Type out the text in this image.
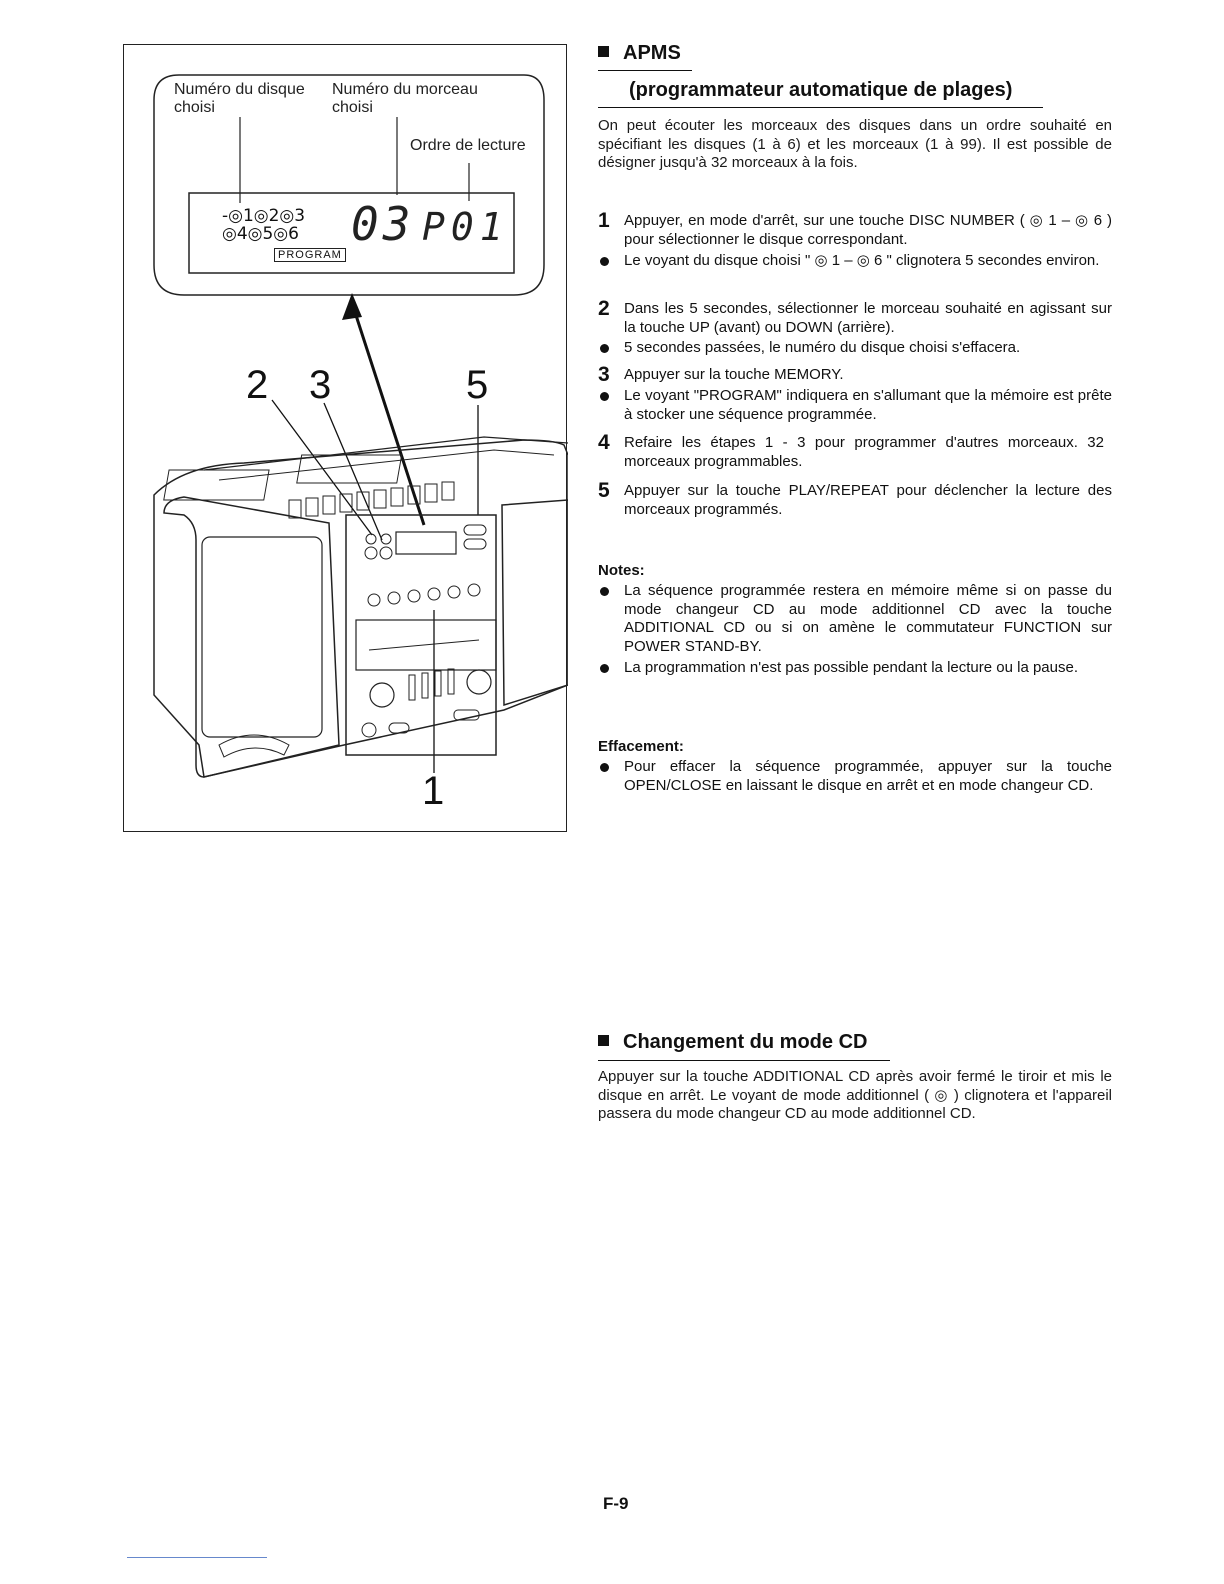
Numéro du disque choisi
Numéro du morceau choisi
Ordre de lecture
-◎1◎2◎3
◎4◎5◎6 03 P01
PROGRAM
2 3	5
1
APMS
(programmateur automatique de plages)
On peut écouter les morceaux des disques dans un ordre souhaité en spécifiant les disques (1 à 6) et les morceaux (1 à 99). Il est possible de désigner jusqu'à 32 morceaux à la fois.
1 Appuyer, en mode d'arrêt, sur une touche DISC NUMBER ( ◎ 1 – ◎ 6 ) pour sélectionner le disque correspondant.
Le voyant du disque choisi " ◎ 1 – ◎ 6 " clignotera 5 secondes environ.
2 Dans les 5 secondes, sélectionner le morceau souhaité en agissant sur la touche UP (avant) ou DOWN (arrière).
5 secondes passées, le numéro du disque choisi s'effacera.
3 Appuyer sur la touche MEMORY.
Le voyant "PROGRAM" indiquera en s'allumant que la mémoire est prête à stocker une séquence programmée.
4 Refaire les étapes 1 - 3 pour programmer d'autres morceaux. 32 morceaux programmables.
5 Appuyer sur la touche PLAY/REPEAT pour déclencher la lecture des morceaux programmés.
Notes:
La séquence programmée restera en mémoire même si on passe du mode changeur CD au mode additionnel CD avec la touche ADDITIONAL CD ou si on amène le commutateur FUNCTION sur POWER STAND-BY.
La programmation n'est pas possible pendant la lecture ou la pause.
Effacement:
Pour effacer la séquence programmée, appuyer sur la touche OPEN/CLOSE en laissant le disque en arrêt et en mode changeur CD.
Changement du mode CD
Appuyer sur la touche ADDITIONAL CD après avoir fermé le tiroir et mis le disque en arrêt. Le voyant de mode additionnel ( ◎ ) clignotera et l'appareil passera du mode changeur CD au mode additionnel CD.
F-9
